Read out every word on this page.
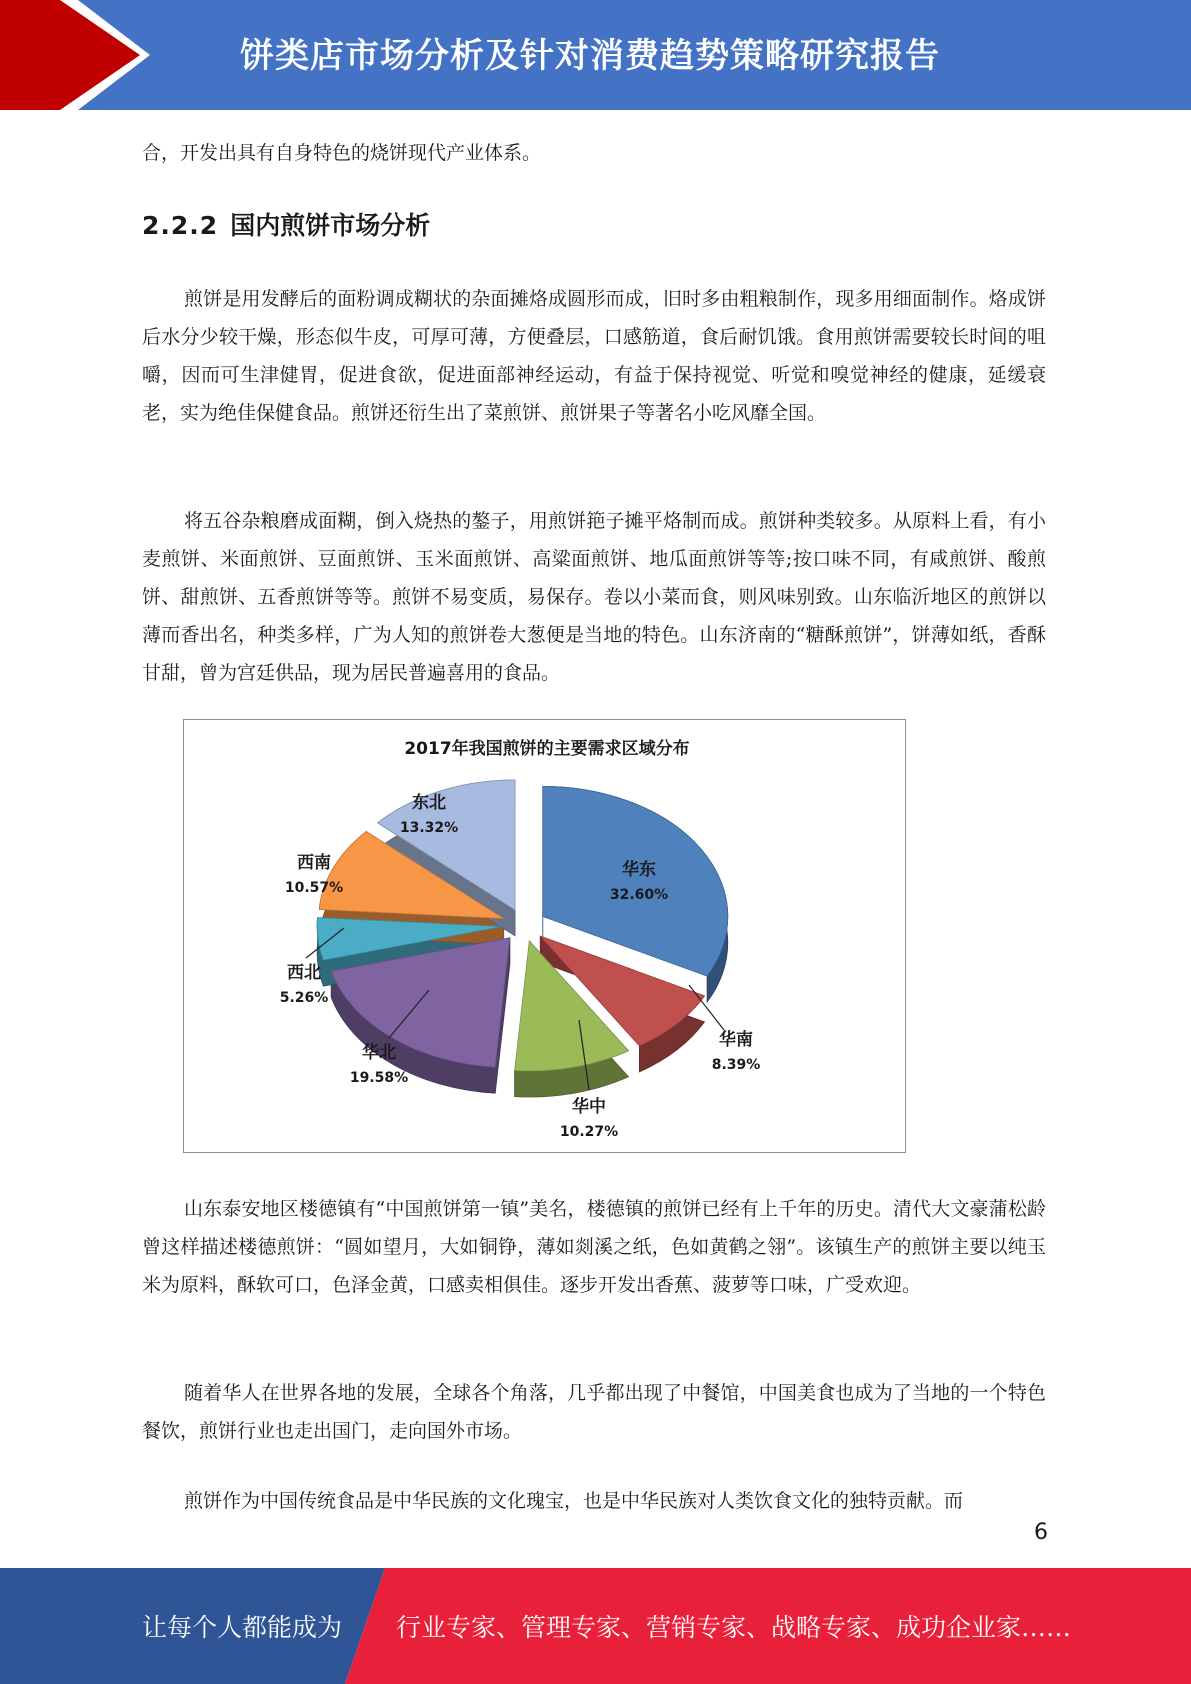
饼类店市场分析及针对消费趋势策略研究报告

合，开发出具有自身特色的烧饼现代产业体系。

2.2.2 国内煎饼市场分析

煎饼是用发酵后的面粉调成糊状的杂面摊烙成圆形而成，旧时多由粗粮制作，现多用细面制作。烙成饼后水分少较干燥，形态似牛皮，可厚可薄，方便叠层，口感筋道，食后耐饥饿。食用煎饼需要较长时间的咀嚼，因而可生津健胃，促进食欲，促进面部神经运动，有益于保持视觉、听觉和嗅觉神经的健康，延缓衰老，实为绝佳保健食品。煎饼还衍生出了菜煎饼、煎饼果子等著名小吃风靡全国。

将五谷杂粮磨成面糊，倒入烧热的鏊子，用煎饼筢子摊平烙制而成。煎饼种类较多。从原料上看，有小麦煎饼、米面煎饼、豆面煎饼、玉米面煎饼、高粱面煎饼、地瓜面煎饼等等;按口味不同，有咸煎饼、酸煎饼、甜煎饼、五香煎饼等等。煎饼不易变质，易保存。卷以小菜而食，则风味别致。山东临沂地区的煎饼以薄而香出名，种类多样，广为人知的煎饼卷大葱便是当地的特色。山东济南的“糖酥煎饼”，饼薄如纸，香酥甘甜，曾为宫廷供品，现为居民普遍喜用的食品。

2017年我国煎饼的主要需求区域分布
华东
32.60%
华南
8.39%
华中
10.27%
华北
19.58%
西北
5.26%
西南
10.57%
东北
13.32%

山东泰安地区楼德镇有“中国煎饼第一镇”美名，楼德镇的煎饼已经有上千年的历史。清代大文豪蒲松龄曾这样描述楼德煎饼：“圆如望月，大如铜铮，薄如剡溪之纸，色如黄鹤之翎”。该镇生产的煎饼主要以纯玉米为原料，酥软可口，色泽金黄，口感卖相俱佳。逐步开发出香蕉、菠萝等口味，广受欢迎。

随着华人在世界各地的发展，全球各个角落，几乎都出现了中餐馆，中国美食也成为了当地的一个特色餐饮，煎饼行业也走出国门，走向国外市场。

煎饼作为中国传统食品是中华民族的文化瑰宝，也是中华民族对人类饮食文化的独特贡献。而

6
让每个人都能成为 行业专家、管理专家、营销专家、战略专家、成功企业家……
